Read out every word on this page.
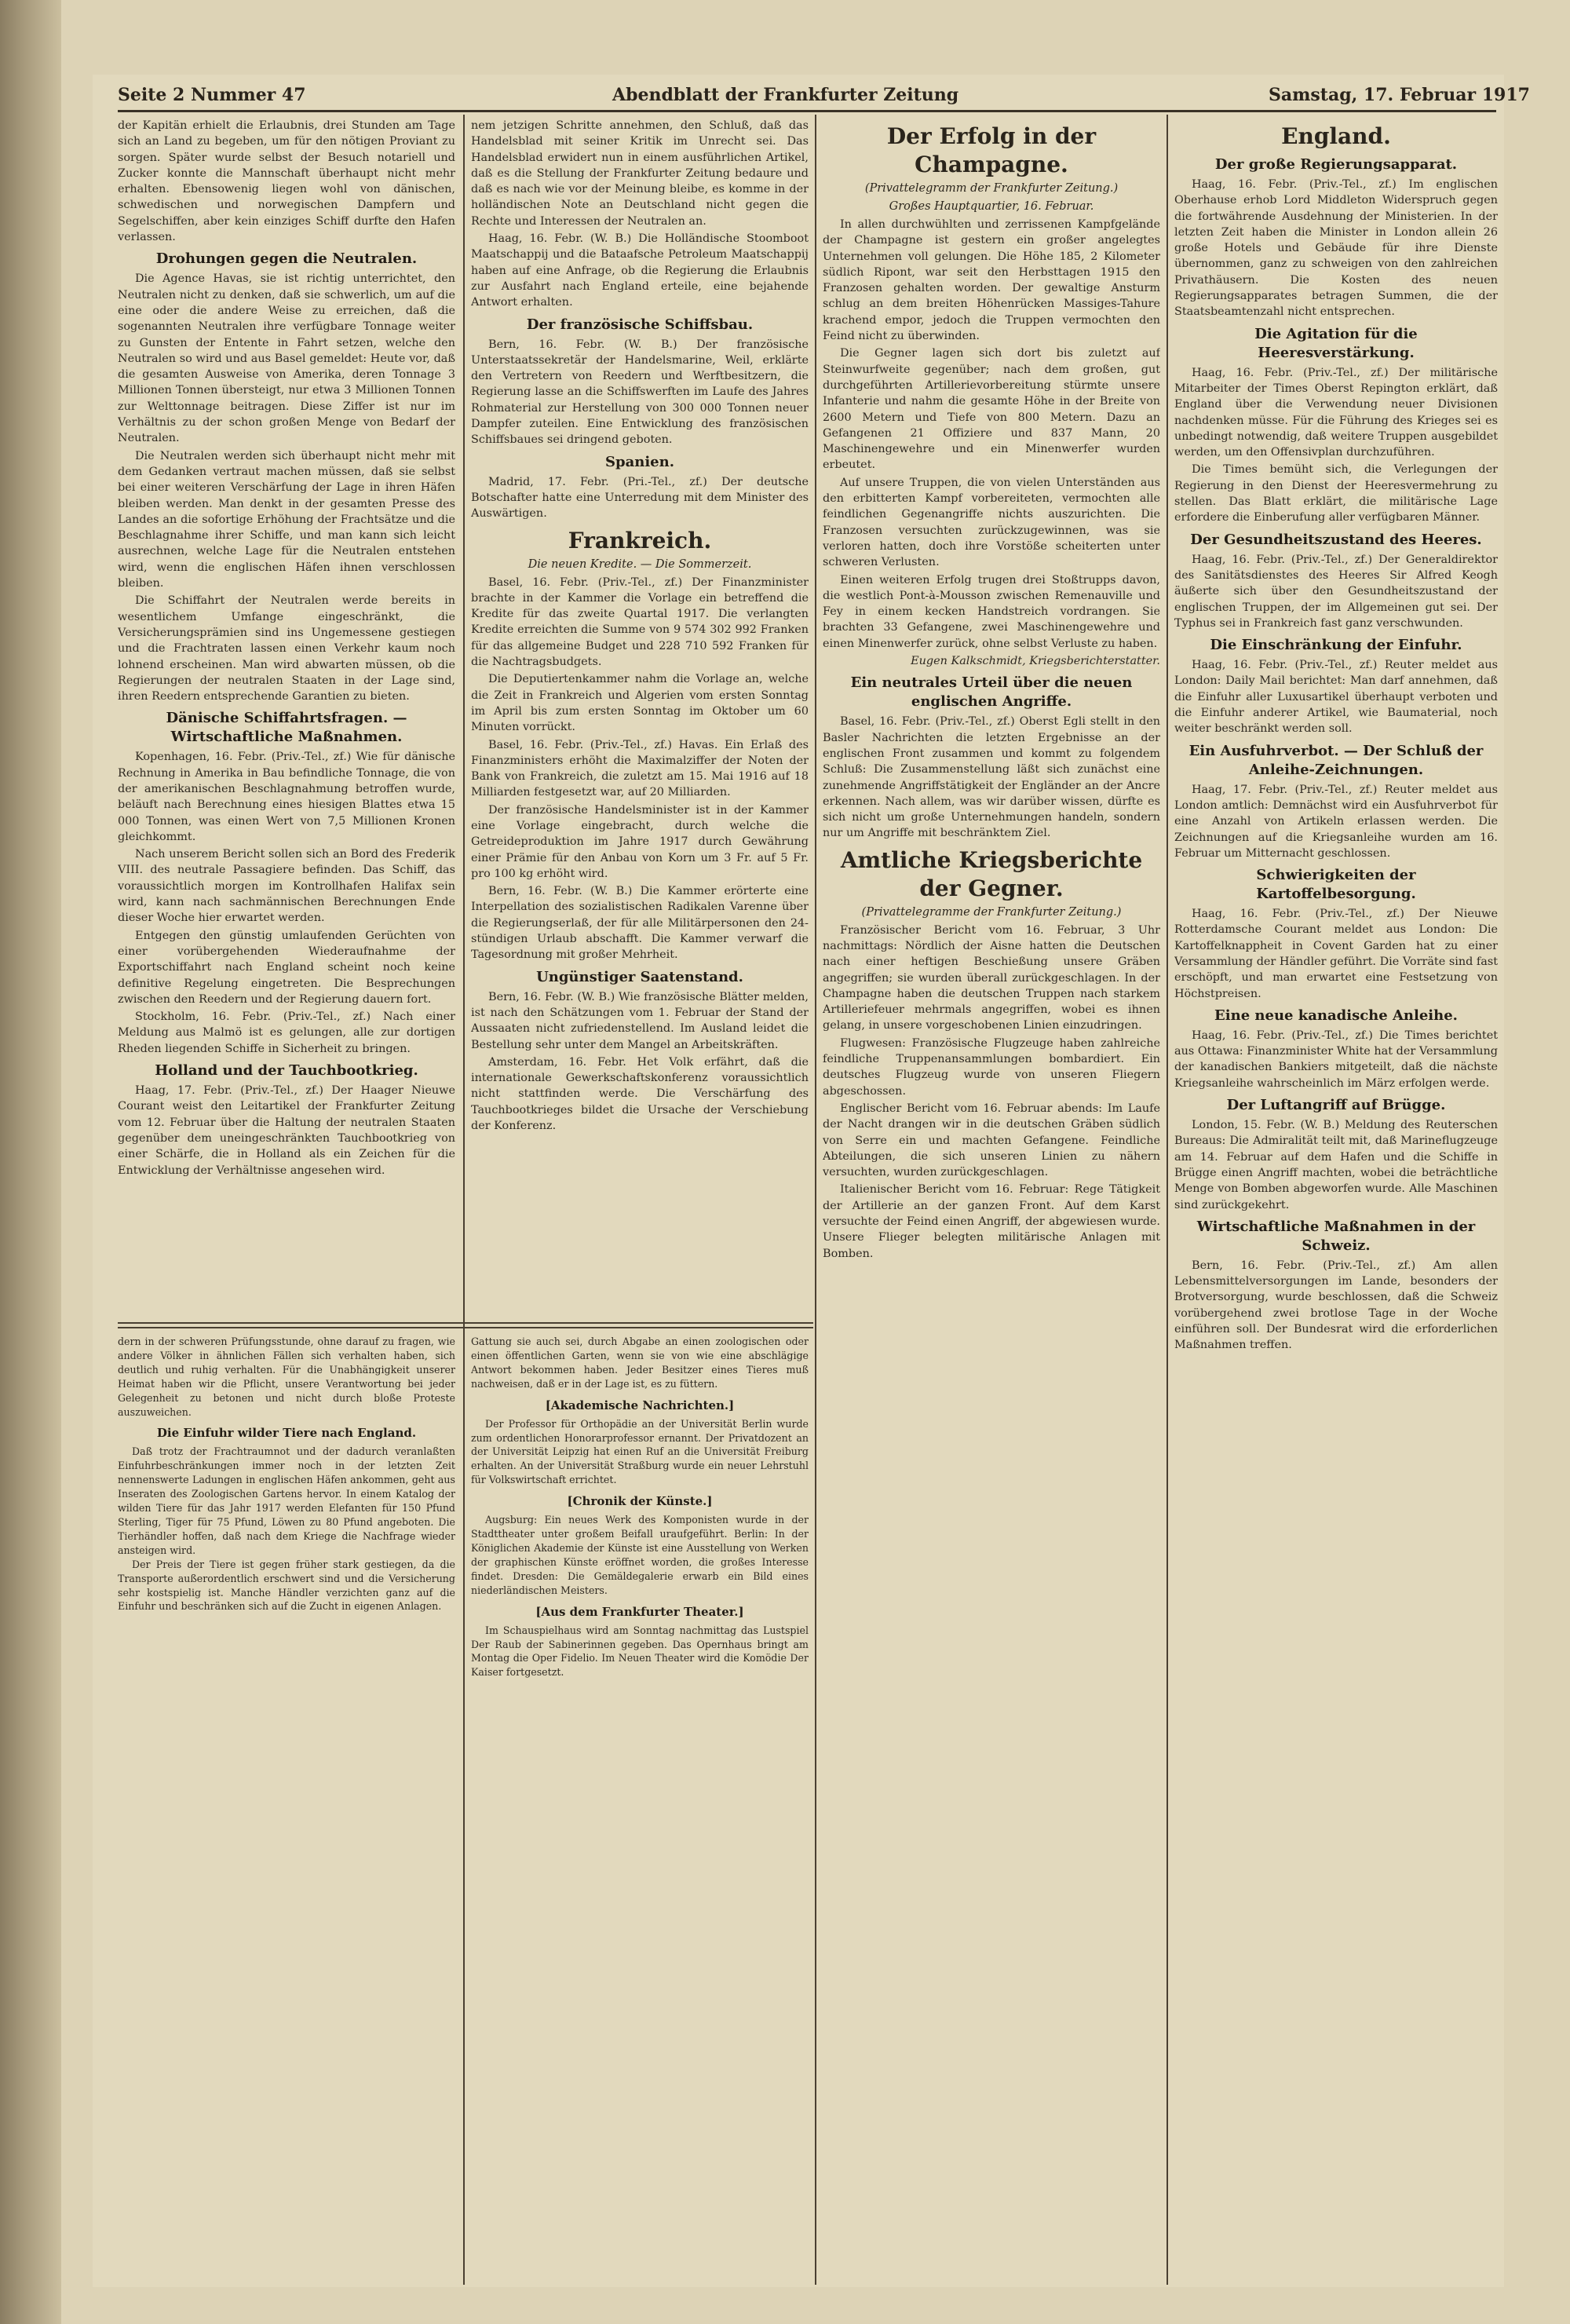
Seite 2 Nummer 47	Abendblatt der Frankfurter Zeitung	Samstag, 17. Februar 1917

der Kapitän erhielt die Erlaubnis, drei Stunden am Tage sich an Land zu begeben, um für den nötigen Proviant zu sorgen. Später wurde selbst der Besuch notariell und Zucker konnte die Mannschaft überhaupt nicht mehr erhalten. Ebensowenig liegen wohl von dänischen, schwedischen und norwegischen Dampfern und Segelschiffen, aber kein einziges Schiff durfte den Hafen verlassen.

Drohungen gegen die Neutralen.

Die Agence Havas, sie ist richtig unterrichtet, den Neutralen nicht zu denken, daß sie schwerlich, um auf die eine oder die andere Weise zu erreichen, daß die sogenannten Neutralen ihre verfügbare Tonnage weiter zu Gunsten der Entente in Fahrt setzen, welche den Neutralen so wird und aus Basel gemeldet: Heute vor, daß die gesamten Ausweise von Amerika, deren Tonnage 3 Millionen Tonnen übersteigt, nur etwa 3 Millionen Tonnen zur Welttonnage beitragen. Diese Ziffer ist nur im Verhältnis zu der schon großen Menge von Bedarf der Neutralen.

Die Neutralen werden sich überhaupt nicht mehr mit dem Gedanken vertraut machen müssen, daß sie selbst bei einer weiteren Verschärfung der Lage in ihren Häfen bleiben werden. Man denkt in der gesamten Presse des Landes an die sofortige Erhöhung der Frachtsätze und die Beschlagnahme ihrer Schiffe, und man kann sich leicht ausrechnen, welche Lage für die Neutralen entstehen wird, wenn die englischen Häfen ihnen verschlossen bleiben.

Die Schiffahrt der Neutralen werde bereits in wesentlichem Umfange eingeschränkt, die Versicherungsprämien sind ins Ungemessene gestiegen und die Frachtraten lassen einen Verkehr kaum noch lohnend erscheinen. Man wird abwarten müssen, ob die Regierungen der neutralen Staaten in der Lage sind, ihren Reedern entsprechende Garantien zu bieten.

Dänische Schiffahrtsfragen. — Wirtschaftliche Maßnahmen.

Kopenhagen, 16. Febr. (Priv.-Tel., zf.) Wie für dänische Rechnung in Amerika in Bau befindliche Tonnage, die von der amerikanischen Beschlagnahmung betroffen wurde, beläuft nach Berechnung eines hiesigen Blattes etwa 15 000 Tonnen, was einen Wert von 7,5 Millionen Kronen gleichkommt.

Nach unserem Bericht sollen sich an Bord des Frederik VIII. des neutrale Passagiere befinden. Das Schiff, das voraussichtlich morgen im Kontrollhafen Halifax sein wird, kann nach sachmännischen Berechnungen Ende dieser Woche hier erwartet werden.

Entgegen den günstig umlaufenden Gerüchten von einer vorübergehenden Wiederaufnahme der Exportschiffahrt nach England scheint noch keine definitive Regelung eingetreten. Die Besprechungen zwischen den Reedern und der Regierung dauern fort.

Stockholm, 16. Febr. (Priv.-Tel., zf.) Nach einer Meldung aus Malmö ist es gelungen, alle zur dortigen Rheden liegenden Schiffe in Sicherheit zu bringen.

Holland und der Tauchbootkrieg.

Haag, 17. Febr. (Priv.-Tel., zf.) Der Haager Nieuwe Courant weist den Leitartikel der Frankfurter Zeitung vom 12. Februar über die Haltung der neutralen Staaten gegenüber dem uneingeschränkten Tauchbootkrieg von einer Schärfe, die in Holland als ein Zeichen für die Entwicklung der Verhältnisse angesehen wird.

nem jetzigen Schritte annehmen, den Schluß, daß das Handelsblad mit seiner Kritik im Unrecht sei. Das Handelsblad erwidert nun in einem ausführlichen Artikel, daß es die Stellung der Frankfurter Zeitung bedaure und daß es nach wie vor der Meinung bleibe, es komme in der holländischen Note an Deutschland nicht gegen die Rechte und Interessen der Neutralen an.

Haag, 16. Febr. (W. B.) Die Holländische Stoomboot Maatschappij und die Bataafsche Petroleum Maatschappij haben auf eine Anfrage, ob die Regierung die Erlaubnis zur Ausfahrt nach England erteile, eine bejahende Antwort erhalten.

Der französische Schiffsbau.

Bern, 16. Febr. (W. B.) Der französische Unterstaatssekretär der Handelsmarine, Weil, erklärte den Vertretern von Reedern und Werftbesitzern, die Regierung lasse an die Schiffswerften im Laufe des Jahres Rohmaterial zur Herstellung von 300 000 Tonnen neuer Dampfer zuteilen. Eine Entwicklung des französischen Schiffsbaues sei dringend geboten.

Spanien.

Madrid, 17. Febr. (Pri.-Tel., zf.) Der deutsche Botschafter hatte eine Unterredung mit dem Minister des Auswärtigen.

Frankreich.
Die neuen Kredite. — Die Sommerzeit.

Basel, 16. Febr. (Priv.-Tel., zf.) Der Finanzminister brachte in der Kammer die Vorlage ein betreffend die Kredite für das zweite Quartal 1917. Die verlangten Kredite erreichten die Summe von 9 574 302 992 Franken für das allgemeine Budget und 228 710 592 Franken für die Nachtragsbudgets.

Die Deputiertenkammer nahm die Vorlage an, welche die Zeit in Frankreich und Algerien vom ersten Sonntag im April bis zum ersten Sonntag im Oktober um 60 Minuten vorrückt.

Basel, 16. Febr. (Priv.-Tel., zf.) Havas. Ein Erlaß des Finanzministers erhöht die Maximalziffer der Noten der Bank von Frankreich, die zuletzt am 15. Mai 1916 auf 18 Milliarden festgesetzt war, auf 20 Milliarden.

Der französische Handelsminister ist in der Kammer eine Vorlage eingebracht, durch welche die Getreideproduktion im Jahre 1917 durch Gewährung einer Prämie für den Anbau von Korn um 3 Fr. auf 5 Fr. pro 100 kg erhöht wird.

Bern, 16. Febr. (W. B.) Die Kammer erörterte eine Interpellation des sozialistischen Radikalen Varenne über die Regierungserlaß, der für alle Militärpersonen den 24-stündigen Urlaub abschafft. Die Kammer verwarf die Tagesordnung mit großer Mehrheit.

Ungünstiger Saatenstand.

Bern, 16. Febr. (W. B.) Wie französische Blätter melden, ist nach den Schätzungen vom 1. Februar der Stand der Aussaaten nicht zufriedenstellend. Im Ausland leidet die Bestellung sehr unter dem Mangel an Arbeitskräften.

Amsterdam, 16. Febr. Het Volk erfährt, daß die internationale Gewerkschaftskonferenz voraussichtlich nicht stattfinden werde. Die Verschärfung des Tauchbootkrieges bildet die Ursache der Verschiebung der Konferenz.

Der Erfolg in der Champagne.
(Privattelegramm der Frankfurter Zeitung.)
Großes Hauptquartier, 16. Februar.

In allen durchwühlten und zerrissenen Kampfgelände der Champagne ist gestern ein großer angelegtes Unternehmen voll gelungen. Die Höhe 185, 2 Kilometer südlich Ripont, war seit den Herbsttagen 1915 den Franzosen gehalten worden. Der gewaltige Ansturm schlug an dem breiten Höhenrücken Massiges-Tahure krachend empor, jedoch die Truppen vermochten den Feind nicht zu überwinden.

Die Gegner lagen sich dort bis zuletzt auf Steinwurfweite gegenüber; nach dem großen, gut durchgeführten Artillerievorbereitung stürmte unsere Infanterie und nahm die gesamte Höhe in der Breite von 2600 Metern und Tiefe von 800 Metern. Dazu an Gefangenen 21 Offiziere und 837 Mann, 20 Maschinengewehre und ein Minenwerfer wurden erbeutet.

Auf unsere Truppen, die von vielen Unterständen aus den erbitterten Kampf vorbereiteten, vermochten alle feindlichen Gegenangriffe nichts auszurichten. Die Franzosen versuchten zurückzugewinnen, was sie verloren hatten, doch ihre Vorstöße scheiterten unter schweren Verlusten.

Einen weiteren Erfolg trugen drei Stoßtrupps davon, die westlich Pont-à-Mousson zwischen Remenauville und Fey in einem kecken Handstreich vordrangen. Sie brachten 33 Gefangene, zwei Maschinengewehre und einen Minenwerfer zurück, ohne selbst Verluste zu haben.

Eugen Kalkschmidt, Kriegsberichterstatter.

Ein neutrales Urteil über die neuen englischen Angriffe.

Basel, 16. Febr. (Priv.-Tel., zf.) Oberst Egli stellt in den Basler Nachrichten die letzten Ergebnisse an der englischen Front zusammen und kommt zu folgendem Schluß: Die Zusammenstellung läßt sich zunächst eine zunehmende Angriffstätigkeit der Engländer an der Ancre erkennen. Nach allem, was wir darüber wissen, dürfte es sich nicht um große Unternehmungen handeln, sondern nur um Angriffe mit beschränktem Ziel.

Amtliche Kriegsberichte der Gegner.
(Privattelegramme der Frankfurter Zeitung.)

Französischer Bericht vom 16. Februar, 3 Uhr nachmittags: Nördlich der Aisne hatten die Deutschen nach einer heftigen Beschießung unsere Gräben angegriffen; sie wurden überall zurückgeschlagen. In der Champagne haben die deutschen Truppen nach starkem Artilleriefeuer mehrmals angegriffen, wobei es ihnen gelang, in unsere vorgeschobenen Linien einzudringen.

Flugwesen: Französische Flugzeuge haben zahlreiche feindliche Truppenansammlungen bombardiert. Ein deutsches Flugzeug wurde von unseren Fliegern abgeschossen.

Englischer Bericht vom 16. Februar abends: Im Laufe der Nacht drangen wir in die deutschen Gräben südlich von Serre ein und machten Gefangene. Feindliche Abteilungen, die sich unseren Linien zu nähern versuchten, wurden zurückgeschlagen.

Italienischer Bericht vom 16. Februar: Rege Tätigkeit der Artillerie an der ganzen Front. Auf dem Karst versuchte der Feind einen Angriff, der abgewiesen wurde. Unsere Flieger belegten militärische Anlagen mit Bomben.

England.
Der große Regierungsapparat.

Haag, 16. Febr. (Priv.-Tel., zf.) Im englischen Oberhause erhob Lord Middleton Widerspruch gegen die fortwährende Ausdehnung der Ministerien. In der letzten Zeit haben die Minister in London allein 26 große Hotels und Gebäude für ihre Dienste übernommen, ganz zu schweigen von den zahlreichen Privathäusern. Die Kosten des neuen Regierungsapparates betragen Summen, die der Staatsbeamtenzahl nicht entsprechen.

Die Agitation für die Heeresverstärkung.

Haag, 16. Febr. (Priv.-Tel., zf.) Der militärische Mitarbeiter der Times Oberst Repington erklärt, daß England über die Verwendung neuer Divisionen nachdenken müsse. Für die Führung des Krieges sei es unbedingt notwendig, daß weitere Truppen ausgebildet werden, um den Offensivplan durchzuführen.

Die Times bemüht sich, die Verlegungen der Regierung in den Dienst der Heeresvermehrung zu stellen. Das Blatt erklärt, die militärische Lage erfordere die Einberufung aller verfügbaren Männer.

Der Gesundheitszustand des Heeres.

Haag, 16. Febr. (Priv.-Tel., zf.) Der Generaldirektor des Sanitätsdienstes des Heeres Sir Alfred Keogh äußerte sich über den Gesundheitszustand der englischen Truppen, der im Allgemeinen gut sei. Der Typhus sei in Frankreich fast ganz verschwunden.

Die Einschränkung der Einfuhr.

Haag, 16. Febr. (Priv.-Tel., zf.) Reuter meldet aus London: Daily Mail berichtet: Man darf annehmen, daß die Einfuhr aller Luxusartikel überhaupt verboten und die Einfuhr anderer Artikel, wie Baumaterial, noch weiter beschränkt werden soll.

Ein Ausfuhrverbot. — Der Schluß der Anleihe-Zeichnungen.

Haag, 17. Febr. (Priv.-Tel., zf.) Reuter meldet aus London amtlich: Demnächst wird ein Ausfuhrverbot für eine Anzahl von Artikeln erlassen werden. Die Zeichnungen auf die Kriegsanleihe wurden am 16. Februar um Mitternacht geschlossen.

Schwierigkeiten der Kartoffelbesorgung.

Haag, 16. Febr. (Priv.-Tel., zf.) Der Nieuwe Rotterdamsche Courant meldet aus London: Die Kartoffelknappheit in Covent Garden hat zu einer Versammlung der Händler geführt. Die Vorräte sind fast erschöpft, und man erwartet eine Festsetzung von Höchstpreisen.

Eine neue kanadische Anleihe.

Haag, 16. Febr. (Priv.-Tel., zf.) Die Times berichtet aus Ottawa: Finanzminister White hat der Versammlung der kanadischen Bankiers mitgeteilt, daß die nächste Kriegsanleihe wahrscheinlich im März erfolgen werde.

Der Luftangriff auf Brügge.

London, 15. Febr. (W. B.) Meldung des Reuterschen Bureaus: Die Admiralität teilt mit, daß Marineflugzeuge am 14. Februar auf dem Hafen und die Schiffe in Brügge einen Angriff machten, wobei die beträchtliche Menge von Bomben abgeworfen wurde. Alle Maschinen sind zurückgekehrt.

Wirtschaftliche Maßnahmen in der Schweiz.

Bern, 16. Febr. (Priv.-Tel., zf.) Am allen Lebensmittelversorgungen im Lande, besonders der Brotversorgung, wurde beschlossen, daß die Schweiz vorübergehend zwei brotlose Tage in der Woche einführen soll. Der Bundesrat wird die erforderlichen Maßnahmen treffen.

dern in der schweren Prüfungsstunde, ohne darauf zu fragen, wie andere Völker in ähnlichen Fällen sich verhalten haben, sich deutlich und ruhig verhalten. Für die Unabhängigkeit unserer Heimat haben wir die Pflicht, unsere Verantwortung bei jeder Gelegenheit zu betonen und nicht durch bloße Proteste auszuweichen.

Die Einfuhr wilder Tiere nach England.

Daß trotz der Frachtraumnot und der dadurch veranlaßten Einfuhrbeschränkungen immer noch in der letzten Zeit nennenswerte Ladungen in englischen Häfen ankommen, geht aus Inseraten des Zoologischen Gartens hervor. In einem Katalog der wilden Tiere für das Jahr 1917 werden Elefanten für 150 Pfund Sterling, Tiger für 75 Pfund, Löwen zu 80 Pfund angeboten. Die Tierhändler hoffen, daß nach dem Kriege die Nachfrage wieder ansteigen wird.

Der Preis der Tiere ist gegen früher stark gestiegen, da die Transporte außerordentlich erschwert sind und die Versicherung sehr kostspielig ist. Manche Händler verzichten ganz auf die Einfuhr und beschränken sich auf die Zucht in eigenen Anlagen.

Gattung sie auch sei, durch Abgabe an einen zoologischen oder einen öffentlichen Garten, wenn sie von wie eine abschlägige Antwort bekommen haben. Jeder Besitzer eines Tieres muß nachweisen, daß er in der Lage ist, es zu füttern.

[Akademische Nachrichten.]

Der Professor für Orthopädie an der Universität Berlin wurde zum ordentlichen Honorarprofessor ernannt. Der Privatdozent an der Universität Leipzig hat einen Ruf an die Universität Freiburg erhalten. An der Universität Straßburg wurde ein neuer Lehrstuhl für Volkswirtschaft errichtet.

[Chronik der Künste.]

Augsburg: Ein neues Werk des Komponisten wurde in der Stadttheater unter großem Beifall uraufgeführt. Berlin: In der Königlichen Akademie der Künste ist eine Ausstellung von Werken der graphischen Künste eröffnet worden, die großes Interesse findet. Dresden: Die Gemäldegalerie erwarb ein Bild eines niederländischen Meisters.

[Aus dem Frankfurter Theater.]

Im Schauspielhaus wird am Sonntag nachmittag das Lustspiel Der Raub der Sabinerinnen gegeben. Das Opernhaus bringt am Montag die Oper Fidelio. Im Neuen Theater wird die Komödie Der Kaiser fortgesetzt.
